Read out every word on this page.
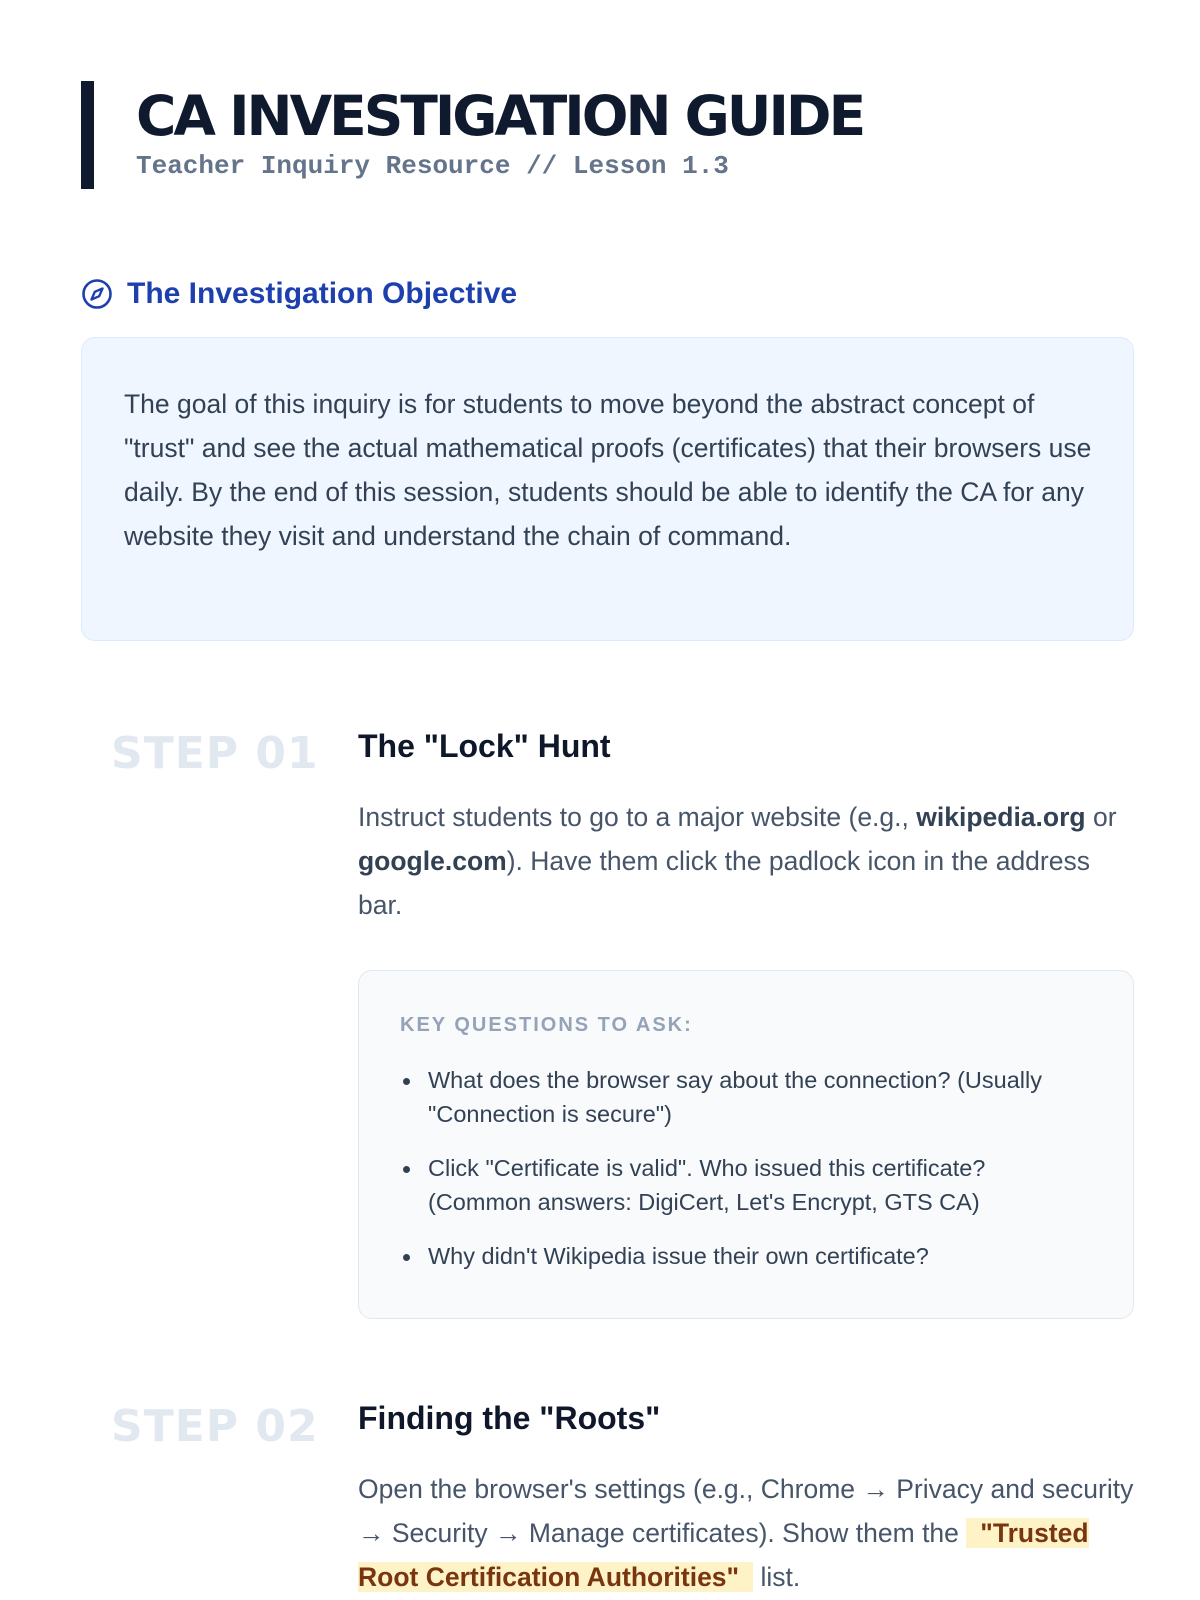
CA INVESTIGATION GUIDE
Teacher Inquiry Resource // Lesson 1.3
The Investigation Objective

The goal of this inquiry is for students to move beyond the abstract concept of "trust" and see the actual mathematical proofs (certificates) that their browsers use daily. By the end of this session, students should be able to identify the CA for any website they visit and understand the chain of command.

STEP 01 The "Lock" Hunt

Instruct students to go to a major website (e.g., wikipedia.org or google.com). Have them click the padlock icon in the address bar.

KEY QUESTIONS TO ASK:
What does the browser say about the connection? (Usually "Connection is secure")
Click "Certificate is valid". Who issued this certificate? (Common answers: DigiCert, Let's Encrypt, GTS CA)
Why didn't Wikipedia issue their own certificate?
STEP 02 Finding the "Roots"

Open the browser's settings (e.g., Chrome → Privacy and security → Security → Manage certificates). Show them the "Trusted Root Certification Authorities" list.
